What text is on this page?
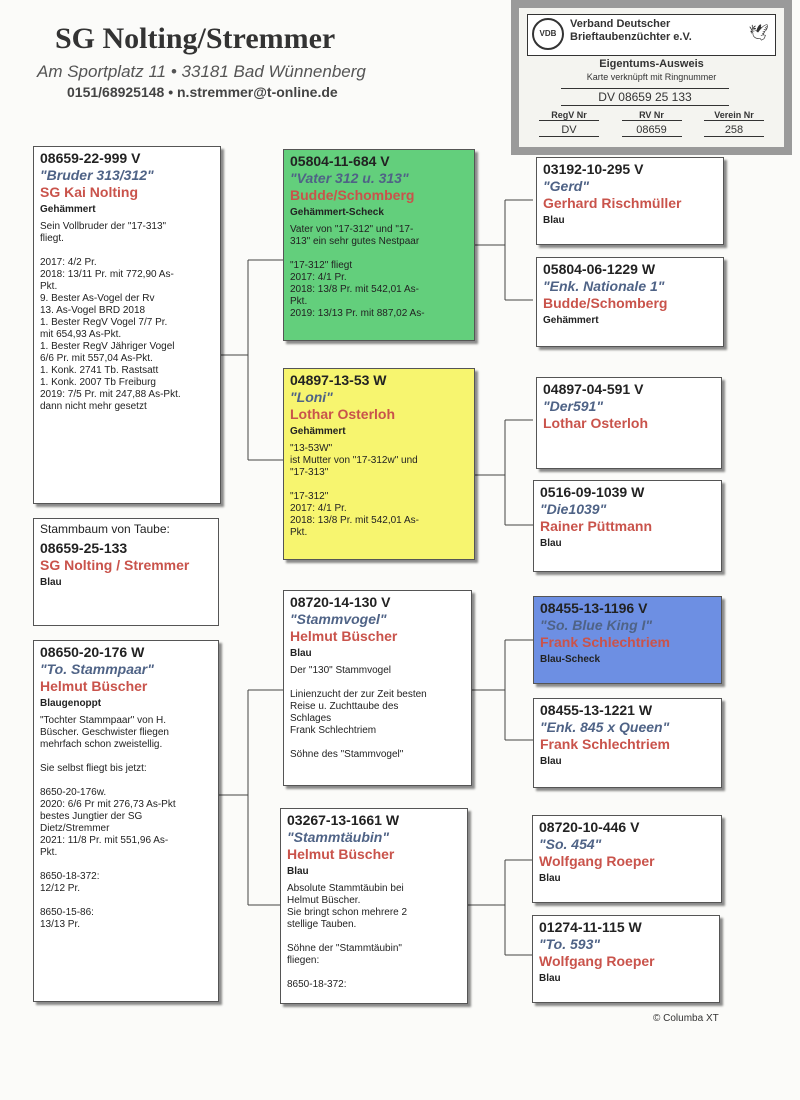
SG Nolting/Stremmer
Am Sportplatz 11 • 33181 Bad Wünnenberg
0151/68925148 • n.stremmer@t-online.de
VDB
Verband Deutscher
Brieftaubenzüchter e.V.	🕊
Eigentums-Ausweis
Karte verknüpft mit Ringnummer
DV 08659 25 133
RegV Nr	RV Nr	Verein Nr
DV	08659	258
08659-22-999 V
"Bruder 313/312"
SG Kai Nolting
Gehämmert
Sein Vollbruder der "17-313"
fliegt.
2017: 4/2 Pr.
2018: 13/11 Pr. mit 772,90 As-
Pkt.
9. Bester As-Vogel der Rv
13. As-Vogel BRD 2018
1. Bester RegV Vogel 7/7 Pr.
mit 654,93 As-Pkt.
1. Bester RegV Jähriger Vogel
6/6 Pr. mit 557,04 As-Pkt.
1. Konk. 2741 Tb. Rastsatt
1. Konk. 2007 Tb Freiburg
2019: 7/5 Pr. mit 247,88 As-Pkt.
dann nicht mehr gesetzt
Stammbaum von Taube:
08659-25-133
SG Nolting / Stremmer
Blau
08650-20-176 W
"To. Stammpaar"
Helmut Büscher
Blaugenoppt
"Tochter Stammpaar" von H.
Büscher. Geschwister fliegen
mehrfach schon zweistellig.
Sie selbst fliegt bis jetzt:
8650-20-176w.
2020: 6/6 Pr mit 276,73 As-Pkt
bestes Jungtier der SG
Dietz/Stremmer
2021: 11/8 Pr. mit 551,96 As-
Pkt.
8650-18-372:
12/12 Pr.
8650-15-86:
13/13 Pr.
05804-11-684 V
"Vater 312 u. 313"
Budde/Schomberg
Gehämmert-Scheck
Vater von "17-312" und "17-
313" ein sehr gutes Nestpaar
"17-312" fliegt
2017: 4/1 Pr.
2018: 13/8 Pr. mit 542,01 As-
Pkt.
2019: 13/13 Pr. mit 887,02 As-
04897-13-53 W
"Loni"
Lothar Osterloh
Gehämmert
"13-53W"
ist Mutter von "17-312w" und
"17-313"
"17-312"
2017: 4/1 Pr.
2018: 13/8 Pr. mit 542,01 As-
Pkt.
08720-14-130 V
"Stammvogel"
Helmut Büscher
Blau
Der "130" Stammvogel
Linienzucht der zur Zeit besten
Reise u. Zuchttaube des
Schlages
Frank Schlechtriem
Söhne des "Stammvogel"
03267-13-1661 W
"Stammtäubin"
Helmut Büscher
Blau
Absolute Stammtäubin bei
Helmut Büscher.
Sie bringt schon mehrere 2
stellige Tauben.
Söhne der "Stammtäubin"
fliegen:
8650-18-372:
03192-10-295 V
"Gerd"
Gerhard Rischmüller
Blau
05804-06-1229 W
"Enk. Nationale 1"
Budde/Schomberg
Gehämmert
04897-04-591 V
"Der591"
Lothar Osterloh
0516-09-1039 W
"Die1039"
Rainer Püttmann
Blau
08455-13-1196 V
"So. Blue King I"
Frank Schlechtriem
Blau-Scheck
08455-13-1221 W
"Enk. 845 x Queen"
Frank Schlechtriem
Blau
08720-10-446 V
"So. 454"
Wolfgang Roeper
Blau
01274-11-115 W
"To. 593"
Wolfgang Roeper
Blau
© Columba XT
